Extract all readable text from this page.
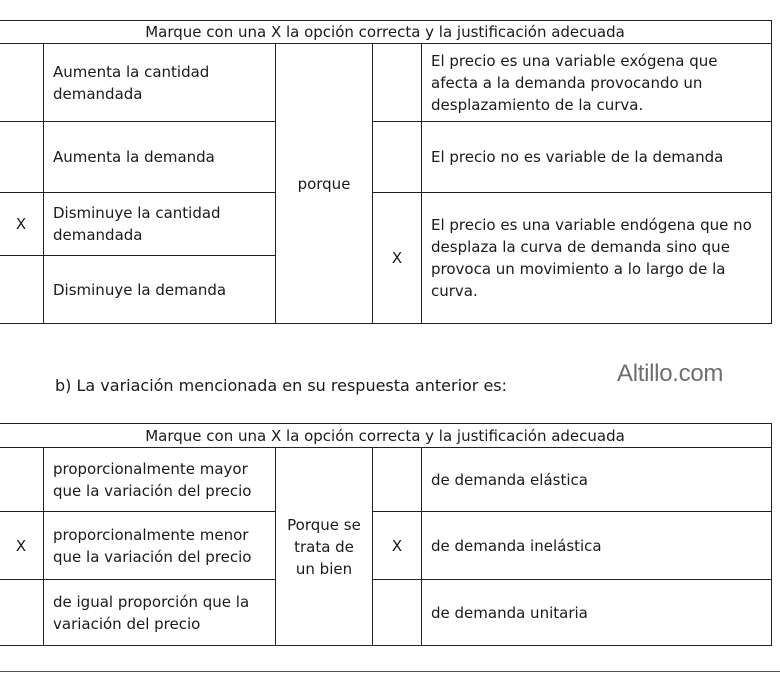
Marque con una X la opción correcta y la justificación adecuada				
	Aumenta la cantidad demandada	porque		El precio es una variable exógena que afecta a la demanda provocando un desplazamiento de la curva.
	Aumenta la demanda			El precio no es variable de la demanda
X	Disminuye la cantidad demandada		X	El precio es una variable endógena que no desplaza la curva de demanda sino que provoca un movimiento a lo largo de la curva.
	Disminuye la demanda			
b) La variación mencionada en su respuesta anterior es:	Altillo.com
Marque con una X la opción correcta y la justificación adecuada				
	proporcionalmente mayor que la variación del precio	Porque se trata de un bien		de demanda elástica
X	proporcionalmente menor que la variación del precio		X	de demanda inelástica
	de igual proporción que la variación del precio			de demanda unitaria
